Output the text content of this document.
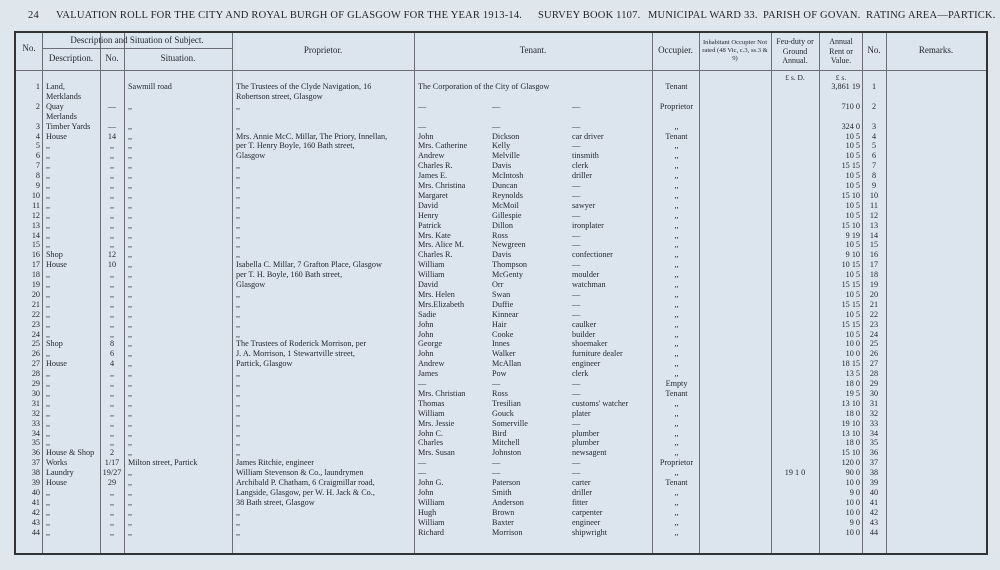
24 VALUATION ROLL FOR THE CITY AND ROYAL BURGH OF GLASGOW FOR THE YEAR 1913-14. SURVEY BOOK 1107. MUNICIPAL WARD 33. PARISH OF GOVAN. RATING AREA—PARTICK.
No.
Description and Situation of Subject.
Description.	No.	Situation.
Proprietor.	Tenant.	Occupier.
Inhabitant Occupier Not rated (48 Vic, c.3, ss.3 & 9)
Feu-duty or Ground Annual.
Annual Rent or Value.
No.	Remarks.
£ s. D.	£ s.
1 Land,	Sawmill road	The Trustees of the Clyde Navigation, 16	The Corporation of the City of Glasgow	Tenant	3,861 19	1
Merklands	Robertson street, Glasgow
2 Quay	—	,,	,,	—	—	—	Proprietor	710 0	2
Merlands
3 Timber Yards	—	,,	,,	—	—	—	,,	324 0	3
4 House	14	,,	Mrs. Annie McC. Millar, The Priory, Innellan,	John	Dickson	car driver	Tenant	10 5	4
5 ,,	,,	,,	per T. Henry Boyle, 160 Bath street,	Mrs. Catherine	Kelly	—	,,	10 5	5
6 ,,	,,	,,	Glasgow	Andrew	Melville	tinsmith	,,	10 5	6
7 ,,	,,	,,	,,	Charles R.	Davis	clerk	,,	15 15	7
8 ,,	,,	,,	,,	James E.	McIntosh	driller	,,	10 5	8
9 ,,	,,	,,	,,	Mrs. Christina	Duncan	—	,,	10 5	9
10 ,,	,,	,,	,,	Margaret	Reynolds	—	,,	15 10	10
11 ,,	,,	,,	,,	David	McMoil	sawyer	,,	10 5	11
12 ,,	,,	,,	,,	Henry	Gillespie	—	,,	10 5	12
13 ,,	,,	,,	,,	Patrick	Dillon	ironplater	,,	15 10	13
14 ,,	,,	,,	,,	Mrs. Kate	Ross	—	,,	9 19	14
15 ,,	,,	,,	,,	Mrs. Alice M.	Newgreen	—	,,	10 5	15
16 Shop	12	,,	,,	Charles R.	Davis	confectioner	,,	9 10	16
17 House	10	,,	Isabella C. Millar, 7 Grafton Place, Glasgow	William	Thompson	—	,,	10 15	17
18 ,,	,,	,,	per T. H. Boyle, 160 Bath street,	William	McGenty	moulder	,,	10 5	18
19 ,,	,,	,,	Glasgow	David	Orr	watchman	,,	15 15	19
20 ,,	,,	,,	,,	Mrs. Helen	Swan	—	,,	10 5	20
21 ,,	,,	,,	,,	Mrs.Elizabeth	Duffie	—	,,	15 15	21
22 ,,	,,	,,	,,	Sadie	Kinnear	—	,,	10 5	22
23 ,,	,,	,,	,,	John	Hair	caulker	,,	15 15	23
24 ,,	,,	,,	,,	John	Cooke	builder	,,	10 5	24
25 Shop	8	,,	The Trustees of Roderick Morrison, per	George	Innes	shoemaker	,,	10 0	25
26 ,,	6	,,	J. A. Morrison, 1 Stewartville street,	John	Walker	furniture dealer	,,	10 0	26
27 House	4	,,	Partick, Glasgow	Andrew	McAllan	engineer	,,	18 15	27
28 ,,	,,	,,	,,	James	Pow	clerk	,,	13 5	28
29 ,,	,,	,,	,,	—	—	—	Empty	18 0	29
30 ,,	,,	,,	,,	Mrs. Christian	Ross	—	Tenant	19 5	30
31 ,,	,,	,,	,,	Thomas	Tresilian	customs' watcher	,,	13 10	31
32 ,,	,,	,,	,,	William	Gouck	plater	,,	18 0	32
33 ,,	,,	,,	,,	Mrs. Jessie	Somerville	—	,,	19 10	33
34 ,,	,,	,,	,,	John C.	Bird	plumber	,,	13 10	34
35 ,,	,,	,,	,,	Charles	Mitchell	plumber	,,	18 0	35
36 House & Shop	2	,,	,,	Mrs. Susan	Johnston	newsagent	,,	15 10	36
37 Works	1/17	Milton street, Partick	James Ritchie, engineer	—	—	—	Proprietor	120 0	37
38 Laundry	19/27 ,,	William Stevenson & Co., laundrymen	—	—	—	,,	19 1 0	90 0	38
39 House	29	,,	Archibald P. Chatham, 6 Craigmillar road,	John G.	Paterson	carter	Tenant	10 0	39
40 ,,	,,	,,	Langside, Glasgow, per W. H. Jack & Co.,	John	Smith	driller	,,	9 0	40
41 ,,	,,	,,	38 Bath street, Glasgow	William	Anderson	fitter	,,	10 0	41
42 ,,	,,	,,	,,	Hugh	Brown	carpenter	,,	10 0	42
43 ,,	,,	,,	,,	William	Baxter	engineer	,,	9 0	43
44 ,,	,,	,,	,,	Richard	Morrison	shipwright	,,	10 0	44
